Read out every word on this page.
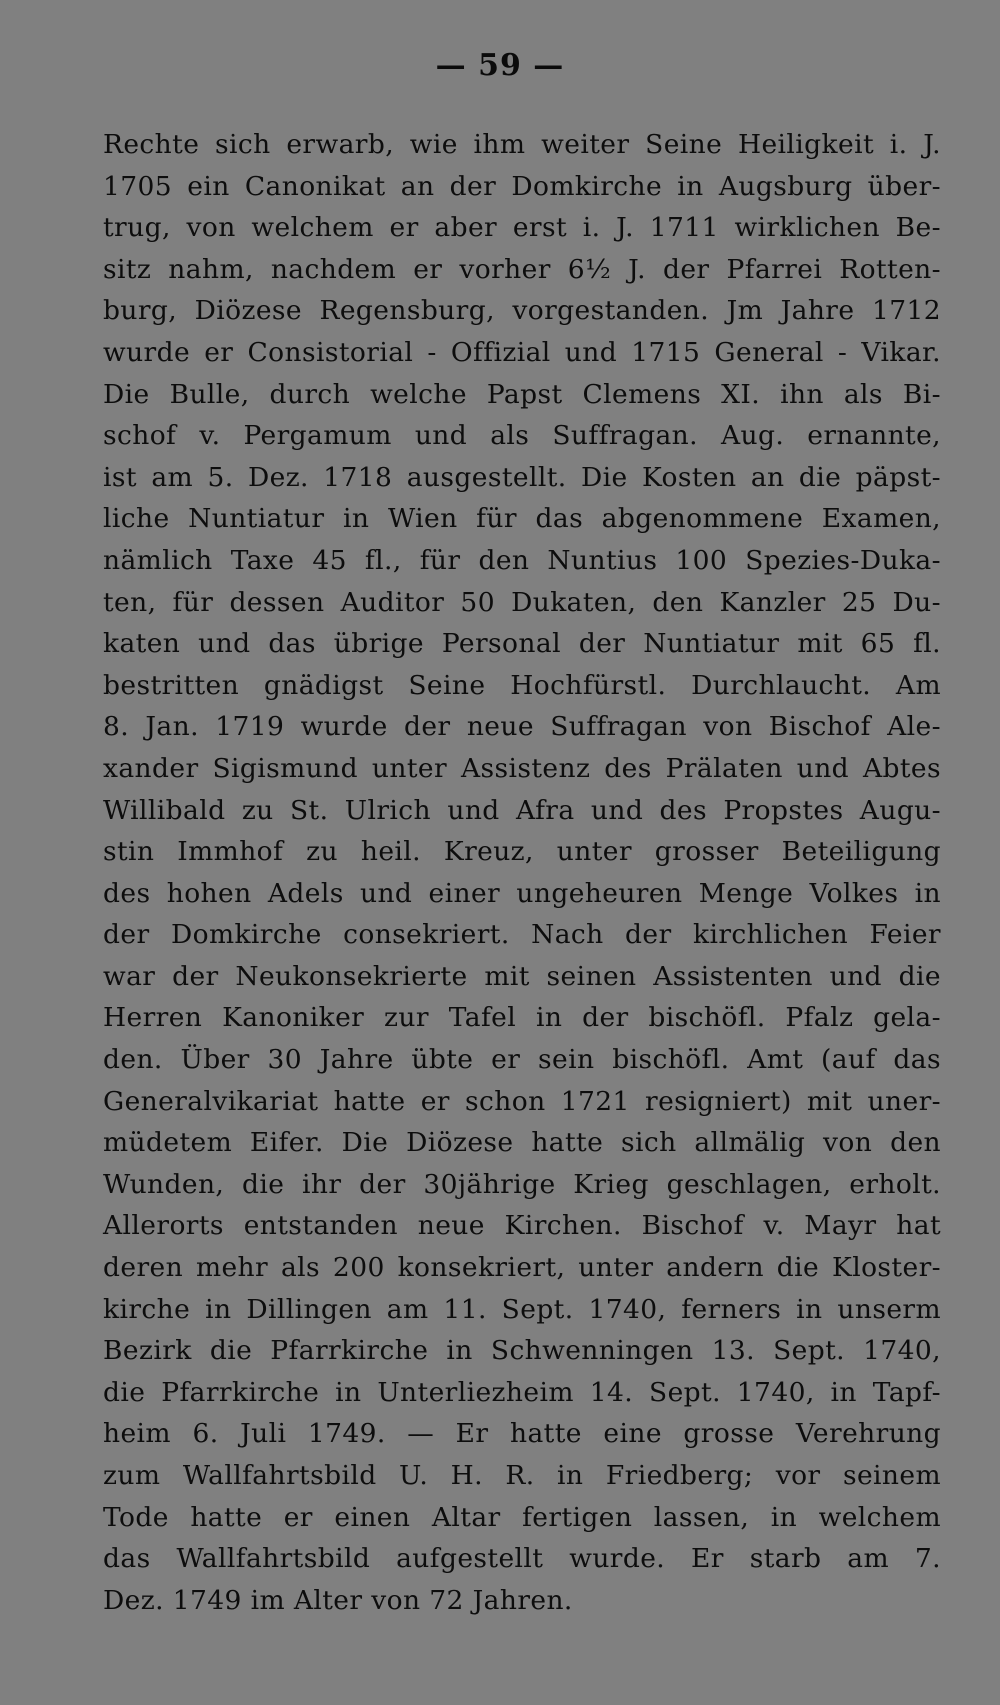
— 59 —
Rechte sich erwarb, wie ihm weiter Seine Heiligkeit i. J.
1705 ein Canonikat an der Domkirche in Augsburg über-
trug, von welchem er aber erst i. J. 1711 wirklichen Be-
sitz nahm, nachdem er vorher 6½ J. der Pfarrei Rotten-
burg, Diözese Regensburg, vorgestanden. Jm Jahre 1712
wurde er Consistorial - Offizial und 1715 General - Vikar.
Die Bulle, durch welche Papst Clemens XI. ihn als Bi-
schof v. Pergamum und als Suffragan. Aug. ernannte,
ist am 5. Dez. 1718 ausgestellt. Die Kosten an die päpst-
liche Nuntiatur in Wien für das abgenommene Examen,
nämlich Taxe 45 fl., für den Nuntius 100 Spezies-Duka-
ten, für dessen Auditor 50 Dukaten, den Kanzler 25 Du-
katen und das übrige Personal der Nuntiatur mit 65 fl.
bestritten gnädigst Seine Hochfürstl. Durchlaucht. Am
8. Jan. 1719 wurde der neue Suffragan von Bischof Ale-
xander Sigismund unter Assistenz des Prälaten und Abtes
Willibald zu St. Ulrich und Afra und des Propstes Augu-
stin Immhof zu heil. Kreuz, unter grosser Beteiligung
des hohen Adels und einer ungeheuren Menge Volkes in
der Domkirche consekriert. Nach der kirchlichen Feier
war der Neukonsekrierte mit seinen Assistenten und die
Herren Kanoniker zur Tafel in der bischöfl. Pfalz gela-
den. Über 30 Jahre übte er sein bischöfl. Amt (auf das
Generalvikariat hatte er schon 1721 resigniert) mit uner-
müdetem Eifer. Die Diözese hatte sich allmälig von den
Wunden, die ihr der 30jährige Krieg geschlagen, erholt.
Allerorts entstanden neue Kirchen. Bischof v. Mayr hat
deren mehr als 200 konsekriert, unter andern die Kloster-
kirche in Dillingen am 11. Sept. 1740, ferners in unserm
Bezirk die Pfarrkirche in Schwenningen 13. Sept. 1740,
die Pfarrkirche in Unterliezheim 14. Sept. 1740, in Tapf-
heim 6. Juli 1749. — Er hatte eine grosse Verehrung
zum Wallfahrtsbild U. H. R. in Friedberg; vor seinem
Tode hatte er einen Altar fertigen lassen, in welchem
das Wallfahrtsbild aufgestellt wurde. Er starb am 7.
Dez. 1749 im Alter von 72 Jahren.
